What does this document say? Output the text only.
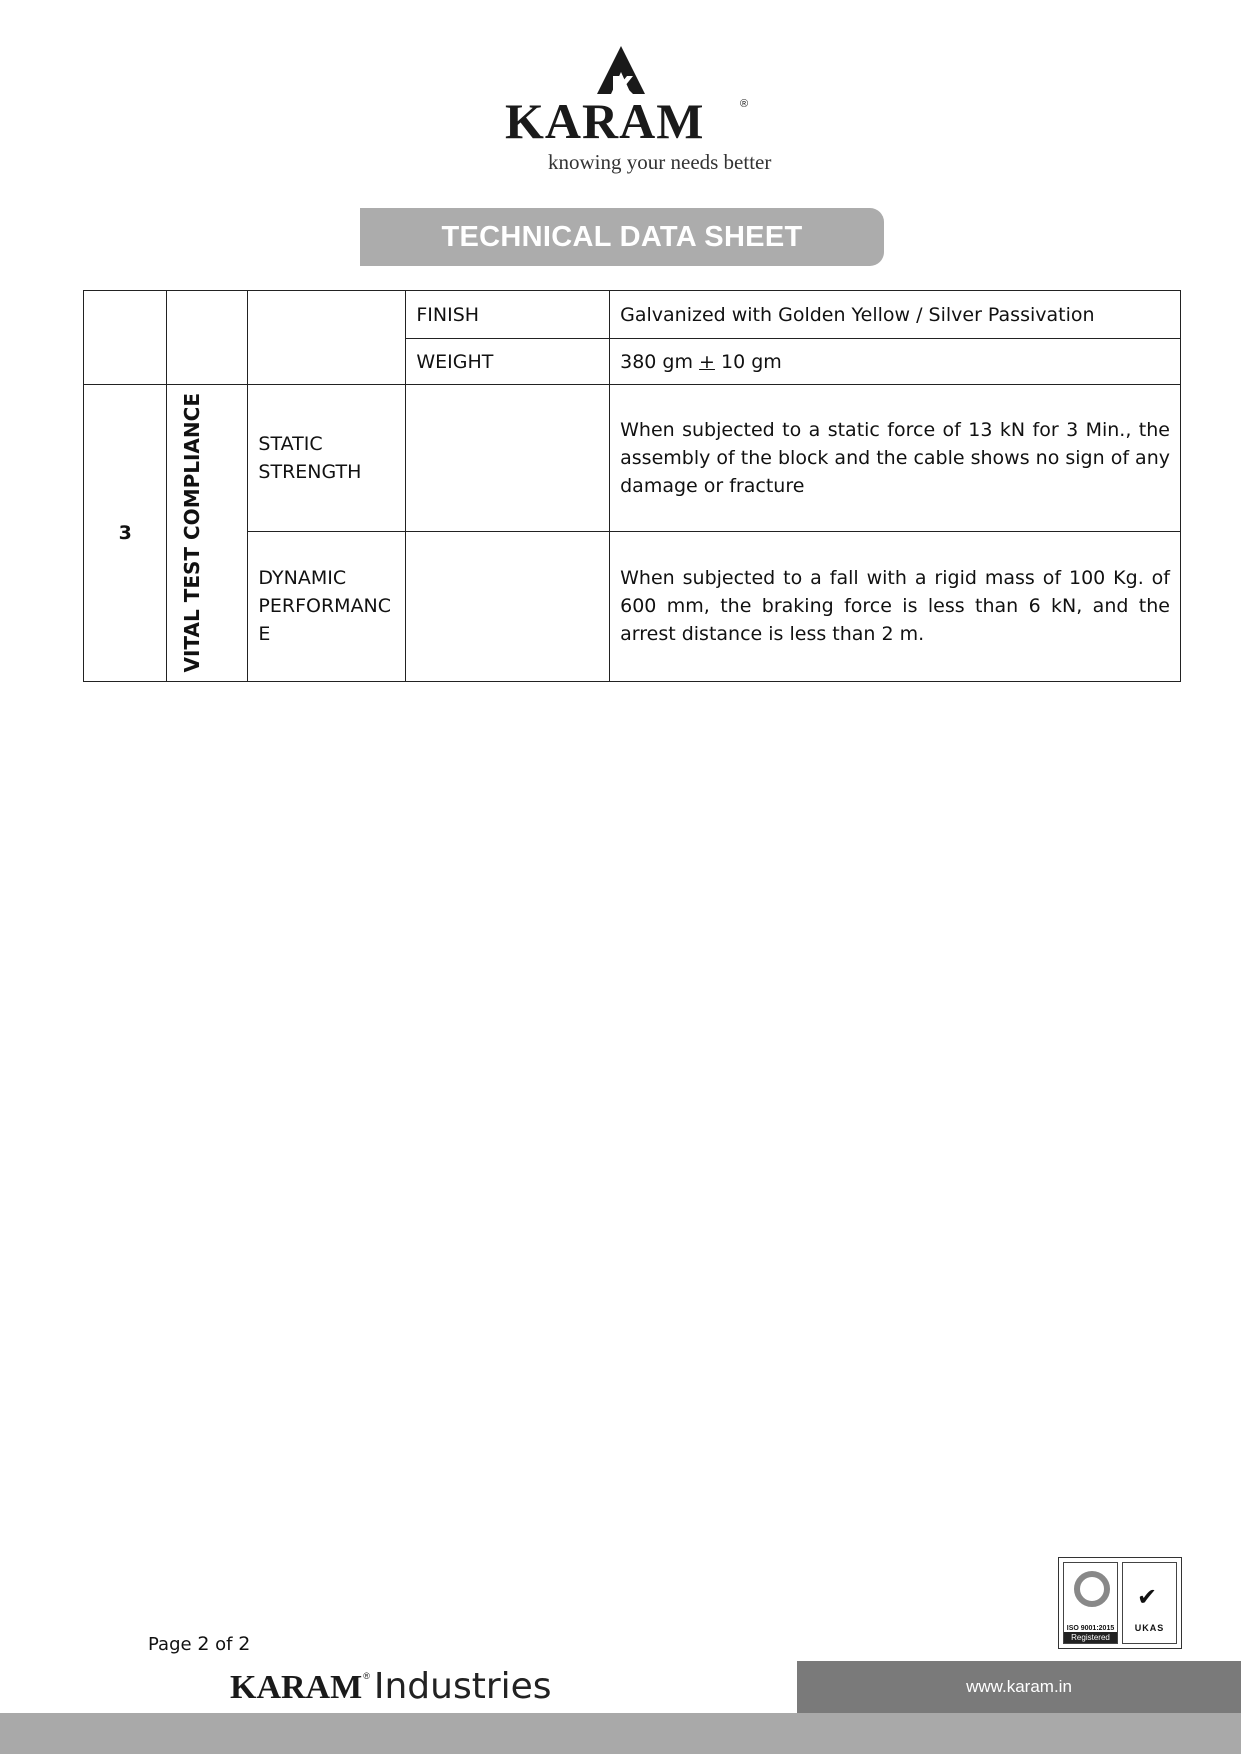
KARAM	®
knowing your needs better
TECHNICAL DATA SHEET
			FINISH	Galvanized with Golden Yellow / Silver Passivation
			WEIGHT	380 gm + 10 gm
3	VITAL TEST COMPLIANCE	STATIC STRENGTH		When subjected to a static force of 13 kN for 3 Min., the assembly of the block and the cable shows no sign of any damage or fracture
		DYNAMIC PERFORMANC E		When subjected to a fall with a rigid mass of 100 Kg. of 600 mm, the braking force is less than 6 kN, and the arrest distance is less than 2 m.
Page 2 of 2
ISO 9001:2015
Registered
✔
UKAS
KARAM ® Industries	www.karam.in
